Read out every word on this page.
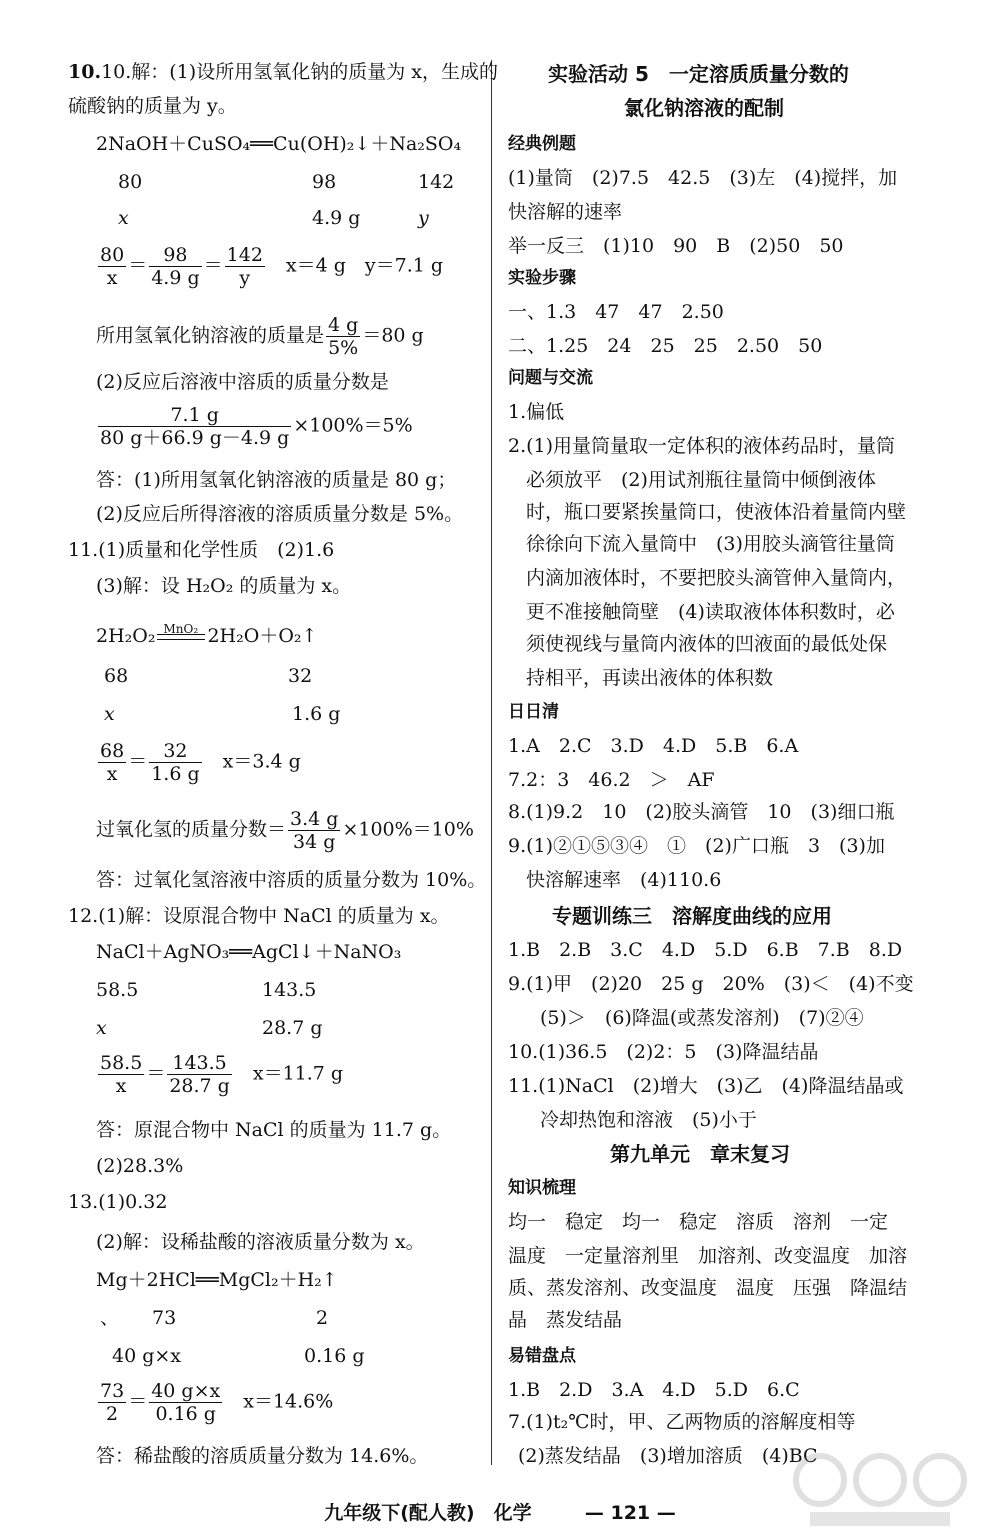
10.10.解：(1)设所用氢氧化钠的质量为 x，生成的
硫酸钠的质量为 y。
2NaOH＋CuSO₄══Cu(OH)₂↓＋Na₂SO₄
80	98	142
x	4.9 g	y
$\frac{80}{x} = \frac{98}{4.9 g} = \frac{142}{y}$
　 x＝4 g　y＝7.1 g
所用氢氧化钠溶液的质量是 $\frac{4 g}{5\%} =80$ g
(2)反应后溶液中溶质的质量分数是
$\frac{7.1 g}{80 g+66.9 g-4.9 g} \times 100\%=5\%$
答：(1)所用氢氧化钠溶液的质量是 80 g；
(2)反应后所得溶液的溶质质量分数是 5%。
11.(1)质量和化学性质　(2)1.6
(3)解：设 H₂O₂ 的质量为 x。
2H₂O₂ MnO₂ 2H₂O＋O₂↑
68	32
x	1.6 g
$\frac{68}{x} = \frac{32}{1.6 g}$
　 x＝3.4 g
过氧化氢的质量分数＝ $\frac{3.4 g}{34 g} \times 100\%=10\%$
答：过氧化氢溶液中溶质的质量分数为 10%。
12.(1)解：设原混合物中 NaCl 的质量为 x。
NaCl＋AgNO₃══AgCl↓＋NaNO₃
58.5	143.5
x	28.7 g
$\frac{58.5}{x} = \frac{143.5}{28.7 g}$
　 x＝11.7 g
答：原混合物中 NaCl 的质量为 11.7 g。
(2)28.3%
13.(1)0.32
(2)解：设稀盐酸的溶液质量分数为 x。
Mg＋2HCl══MgCl₂＋H₂↑
、 73	2
40 g×x	0.16 g
$\frac{73}{2} = \frac{40 g\times x}{0.16 g}$
　 x＝14.6%
答：稀盐酸的溶质质量分数为 14.6%。
实验活动 5　一定溶质质量分数的
氯化钠溶液的配制
经典例题
(1)量筒　(2)7.5　42.5　(3)左　(4)搅拌，加
快溶解的速率
举一反三　(1)10　90　B　(2)50　50
实验步骤
一、1.3　47　47　2.50
二、1.25　24　25　25　2.50　50
问题与交流
1.偏低
2.(1)用量筒量取一定体积的液体药品时，量筒
必须放平　(2)用试剂瓶往量筒中倾倒液体
时，瓶口要紧挨量筒口，使液体沿着量筒内壁
徐徐向下流入量筒中　(3)用胶头滴管往量筒
内滴加液体时，不要把胶头滴管伸入量筒内，
更不准接触筒壁　(4)读取液体体积数时，必
须使视线与量筒内液体的凹液面的最低处保
持相平，再读出液体的体积数
日日清
1.A　2.C　3.D　4.D　5.B　6.A
7.2：3　46.2　＞　AF
8.(1)9.2　10　(2)胶头滴管　10　(3)细口瓶
9.(1)②①⑤③④　①　(2)广口瓶　3　(3)加
快溶解速率　(4)110.6
专题训练三　溶解度曲线的应用
1.B　2.B　3.C　4.D　5.D　6.B　7.B　8.D
9.(1)甲　(2)20　25 g　20%　(3)＜　(4)不变
(5)＞　(6)降温(或蒸发溶剂)　(7)②④
10.(1)36.5　(2)2：5　(3)降温结晶
11.(1)NaCl　(2)增大　(3)乙　(4)降温结晶或
冷却热饱和溶液　(5)小于
第九单元　章末复习
知识梳理
均一　稳定　均一　稳定　溶质　溶剂　一定
温度　一定量溶剂里　加溶剂、改变温度　加溶
质、蒸发溶剂、改变温度　温度　压强　降温结
晶　蒸发结晶
易错盘点
1.B　2.D　3.A　4.D　5.D　6.C
7.(1)t₂℃时，甲、乙两物质的溶解度相等
(2)蒸发结晶　(3)增加溶质　(4)BC
九年级下(配人教)　化学	— 121 —
